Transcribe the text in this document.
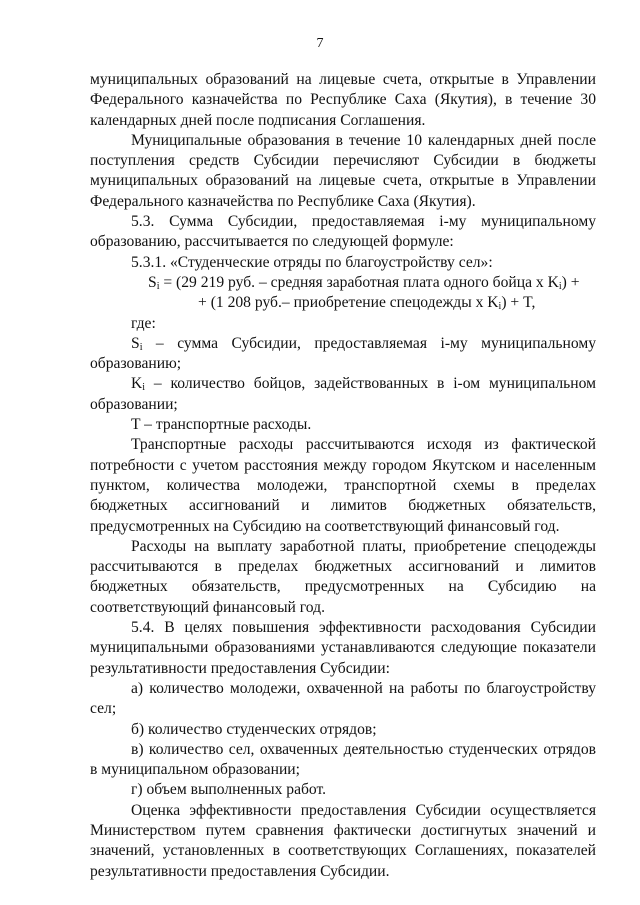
7

муниципальных образований на лицевые счета, открытые в Управлении Федерального казначейства по Республике Саха (Якутия), в течение 30 календарных дней после подписания Соглашения.

Муниципальные образования в течение 10 календарных дней после поступления средств Субсидии перечисляют Субсидии в бюджеты муниципальных образований на лицевые счета, открытые в Управлении Федерального казначейства по Республике Саха (Якутия).

5.3. Сумма Субсидии, предоставляемая i-му муниципальному образованию, рассчитывается по следующей формуле:

5.3.1. «Студенческие отряды по благоустройству сел»:

$S_i = (29$ 219 руб. – средняя заработная плата одного бойца х $K_i$) +

+ (1 208 руб.– приобретение спецодежды х $K_i) + T$,

где:

$S_i$ – сумма Субсидии, предоставляемая i-му муниципальному образованию;

$K_i$ – количество бойцов, задействованных в i-ом муниципальном образовании;

T – транспортные расходы.

Транспортные расходы рассчитываются исходя из фактической потребности с учетом расстояния между городом Якутском и населенным пунктом, количества молодежи, транспортной схемы в пределах бюджетных ассигнований и лимитов бюджетных обязательств, предусмотренных на Субсидию на соответствующий финансовый год.

Расходы на выплату заработной платы, приобретение спецодежды рассчитываются в пределах бюджетных ассигнований и лимитов бюджетных обязательств, предусмотренных на Субсидию на соответствующий финансовый год.

5.4. В целях повышения эффективности расходования Субсидии муниципальными образованиями устанавливаются следующие показатели результативности предоставления Субсидии:

а) количество молодежи, охваченной на работы по благоустройству сел;

б) количество студенческих отрядов;

в) количество сел, охваченных деятельностью студенческих отрядов в муниципальном образовании;

г) объем выполненных работ.

Оценка эффективности предоставления Субсидии осуществляется Министерством путем сравнения фактически достигнутых значений и значений, установленных в соответствующих Соглашениях, показателей результативности предоставления Субсидии.
